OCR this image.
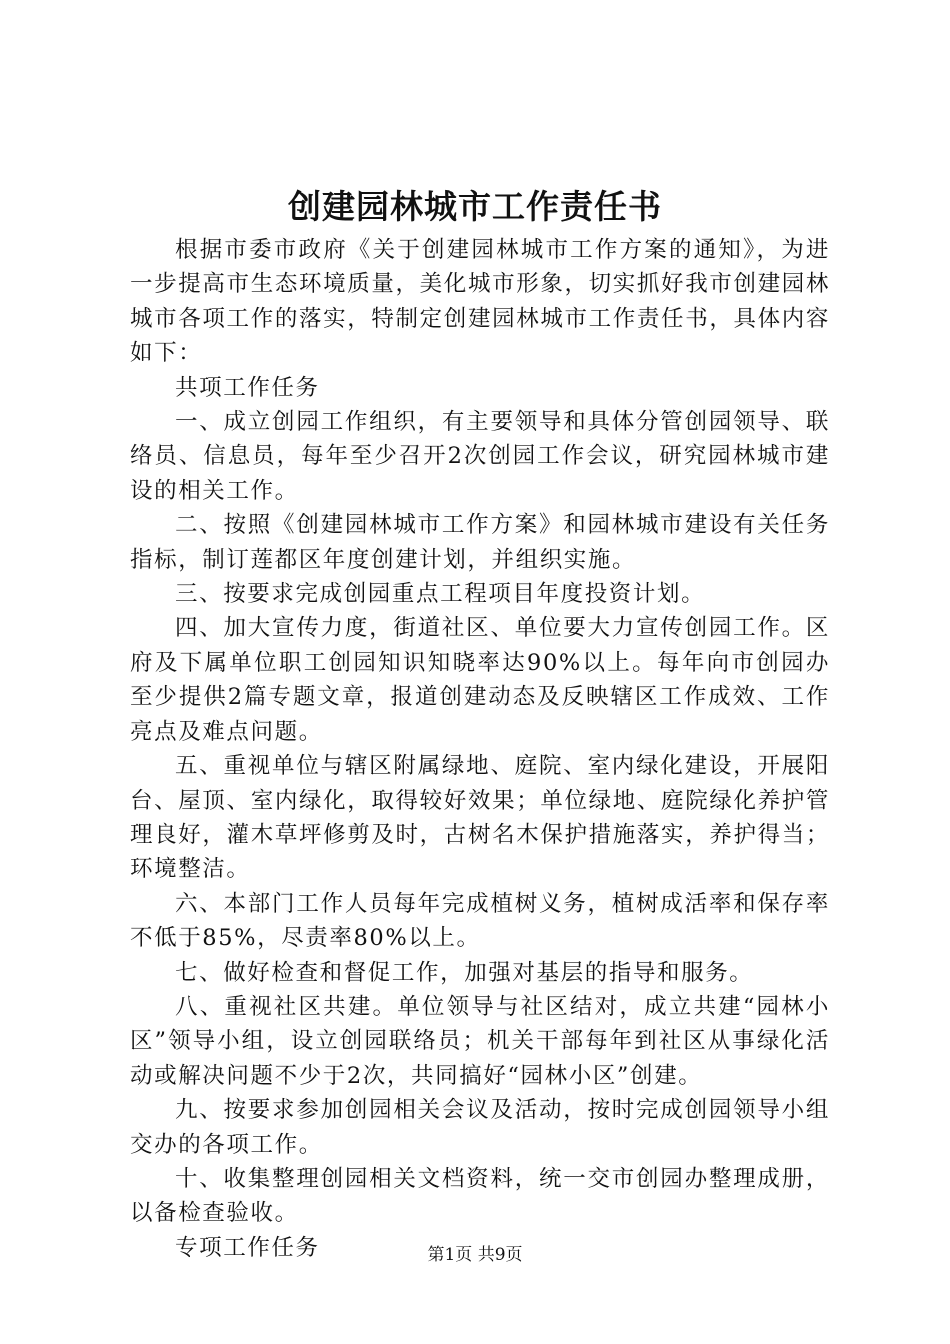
创建园林城市工作责任书

根据市委市政府《关于创建园林城市工作方案的通知》，为进一步提高市生态环境质量，美化城市形象，切实抓好我市创建园林城市各项工作的落实，特制定创建园林城市工作责任书，具体内容如下：

共项工作任务

一、成立创园工作组织，有主要领导和具体分管创园领导、联络员、信息员，每年至少召开2次创园工作会议，研究园林城市建设的相关工作。

二、按照《创建园林城市工作方案》和园林城市建设有关任务指标，制订莲都区年度创建计划，并组织实施。

三、按要求完成创园重点工程项目年度投资计划。

四、加大宣传力度，街道社区、单位要大力宣传创园工作。区府及下属单位职工创园知识知晓率达90%以上。每年向市创园办至少提供2篇专题文章，报道创建动态及反映辖区工作成效、工作亮点及难点问题。

五、重视单位与辖区附属绿地、庭院、室内绿化建设，开展阳台、屋顶、室内绿化，取得较好效果；单位绿地、庭院绿化养护管理良好，灌木草坪修剪及时，古树名木保护措施落实，养护得当；环境整洁。

六、本部门工作人员每年完成植树义务，植树成活率和保存率不低于85%，尽责率80%以上。

七、做好检查和督促工作，加强对基层的指导和服务。

八、重视社区共建。单位领导与社区结对，成立共建“园林小区”领导小组，设立创园联络员；机关干部每年到社区从事绿化活动或解决问题不少于2次，共同搞好“园林小区”创建。

九、按要求参加创园相关会议及活动，按时完成创园领导小组交办的各项工作。

十、收集整理创园相关文档资料，统一交市创园办整理成册，以备检查验收。

专项工作任务	第1页 共9页
